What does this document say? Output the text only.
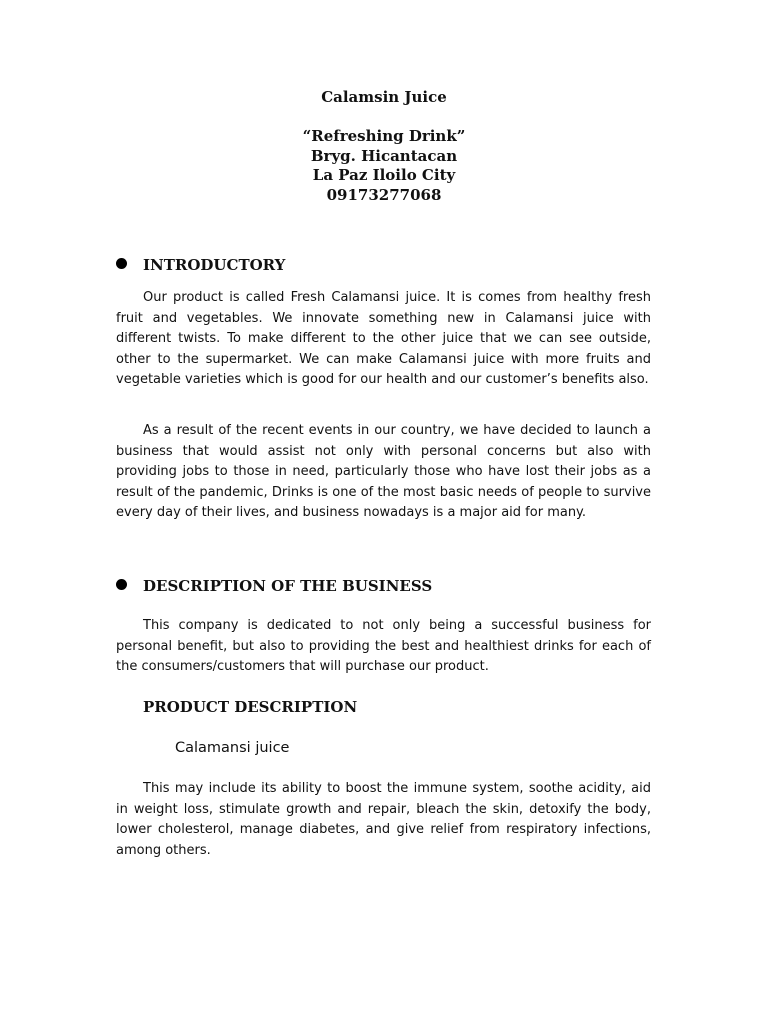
Calamsin Juice
“Refreshing Drink”
Bryg. Hicantacan
La Paz Iloilo City
09173277068
INTRODUCTORY

Our product is called Fresh Calamansi juice. It is comes from healthy fresh fruit and vegetables. We innovate something new in Calamansi juice with different twists. To make different to the other juice that we can see outside, other to the supermarket. We can make Calamansi juice with more fruits and vegetable varieties which is good for our health and our customer’s benefits also.

As a result of the recent events in our country, we have decided to launch a business that would assist not only with personal concerns but also with providing jobs to those in need, particularly those who have lost their jobs as a result of the pandemic, Drinks is one of the most basic needs of people to survive every day of their lives, and business nowadays is a major aid for many.

DESCRIPTION OF THE BUSINESS

This company is dedicated to not only being a successful business for personal benefit, but also to providing the best and healthiest drinks for each of the consumers/customers that will purchase our product.

PRODUCT DESCRIPTION
Calamansi juice

This may include its ability to boost the immune system, soothe acidity, aid in weight loss, stimulate growth and repair, bleach the skin, detoxify the body, lower cholesterol, manage diabetes, and give relief from respiratory infections, among others.
